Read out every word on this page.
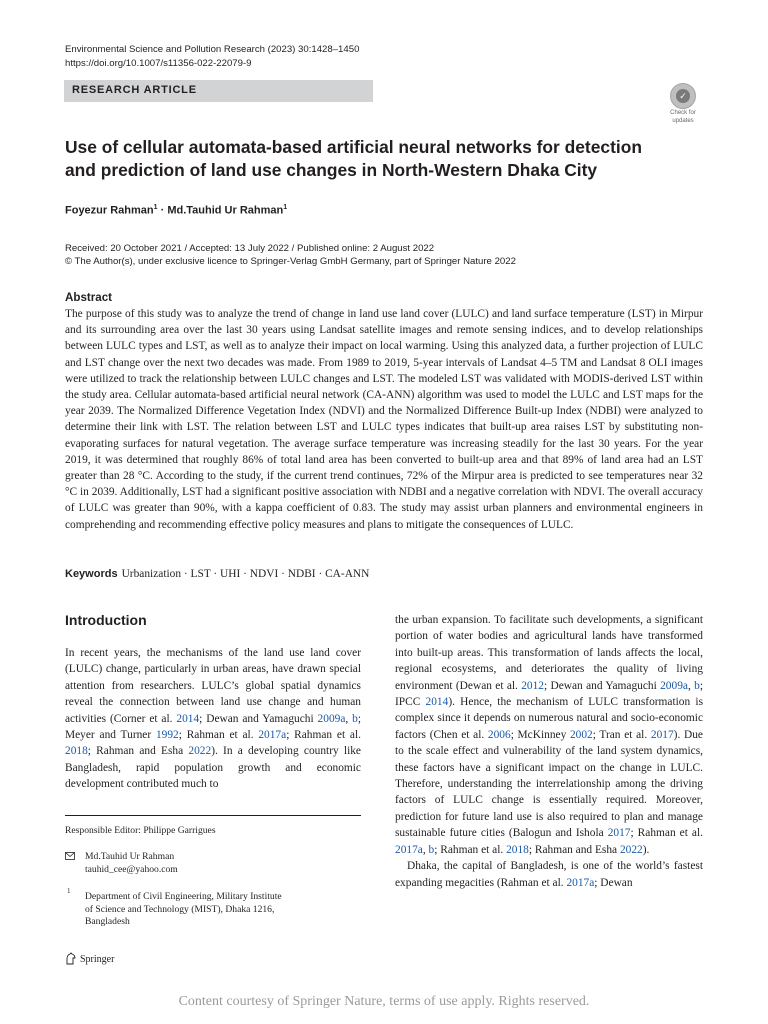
Environmental Science and Pollution Research (2023) 30:1428–1450
https://doi.org/10.1007/s11356-022-22079-9
RESEARCH ARTICLE	✓
Check for
updates
Use of cellular automata-based artificial neural networks for detection
and prediction of land use changes in North-Western Dhaka City
Foyezur Rahman$^1$ · Md.Tauhid Ur Rahman$^1$
Received: 20 October 2021 / Accepted: 13 July 2022 / Published online: 2 August 2022
© The Author(s), under exclusive licence to Springer-Verlag GmbH Germany, part of Springer Nature 2022
Abstract
The purpose of this study was to analyze the trend of change in land use land cover (LULC) and land surface temperature (LST) in Mirpur and its surrounding area over the last 30 years using Landsat satellite images and remote sensing indices, and to develop relationships between LULC types and LST, as well as to analyze their impact on local warming. Using this analyzed data, a further projection of LULC and LST change over the next two decades was made. From 1989 to 2019, 5-year intervals of Landsat 4–5 TM and Landsat 8 OLI images were utilized to track the relationship between LULC changes and LST. The modeled LST was validated with MODIS-derived LST within the study area. Cellular automata-based artificial neural network (CA-ANN) algorithm was used to model the LULC and LST maps for the year 2039. The Normalized Difference Vegetation Index (NDVI) and the Normalized Difference Built-up Index (NDBI) were analyzed to determine their link with LST. The relation between LST and LULC types indicates that built-up area raises LST by substituting non-evaporating surfaces for natural vegetation. The average surface temperature was increasing steadily for the last 30 years. For the year 2019, it was determined that roughly 86% of total land area has been converted to built-up area and that 89% of land area had an LST greater than 28 °C. According to the study, if the current trend continues, 72% of the Mirpur area is predicted to see temperatures near 32 °C in 2039. Additionally, LST had a significant positive association with NDBI and a negative correlation with NDVI. The overall accuracy of LULC was greater than 90%, with a kappa coefficient of 0.83. The study may assist urban planners and environmental engineers in comprehending and recommending effective policy measures and plans to mitigate the consequences of LULC.
Keywords Urbanization · LST · UHI · NDVI · NDBI · CA-ANN
Introduction

In recent years, the mechanisms of the land use land cover (LULC) change, particularly in urban areas, have drawn special attention from researchers. LULC’s global spatial dynamics reveal the connection between land use change and human activities (Corner et al. 2014; Dewan and Yamaguchi 2009a, b; Meyer and Turner 1992; Rahman et al. 2017a; Rahman et al. 2018; Rahman and Esha 2022). In a developing country like Bangladesh, rapid population growth and economic development contributed much to

the urban expansion. To facilitate such developments, a significant portion of water bodies and agricultural lands have transformed into built-up areas. This transformation of lands affects the local, regional ecosystems, and deteriorates the quality of living environment (Dewan et al. 2012; Dewan and Yamaguchi 2009a, b; IPCC 2014). Hence, the mechanism of LULC transformation is complex since it depends on numerous natural and socio-economic factors (Chen et al. 2006; McKinney 2002; Tran et al. 2017). Due to the scale effect and vulnerability of the land system dynamics, these factors have a significant impact on the change in LULC. Therefore, understanding the interrelationship among the driving factors of LULC change is essentially required. Moreover, prediction for future land use is also required to plan and manage sustainable future cities (Balogun and Ishola 2017; Rahman et al. 2017a, b; Rahman et al. 2018; Rahman and Esha 2022).

Dhaka, the capital of Bangladesh, is one of the world’s fastest expanding megacities (Rahman et al. 2017a; Dewan

Responsible Editor: Philippe Garrigues
Md.Tauhid Ur Rahman
tauhid_cee@yahoo.com
1 Department of Civil Engineering, Military Institute
of Science and Technology (MIST), Dhaka 1216,
Bangladesh
Springer
Content courtesy of Springer Nature, terms of use apply. Rights reserved.
